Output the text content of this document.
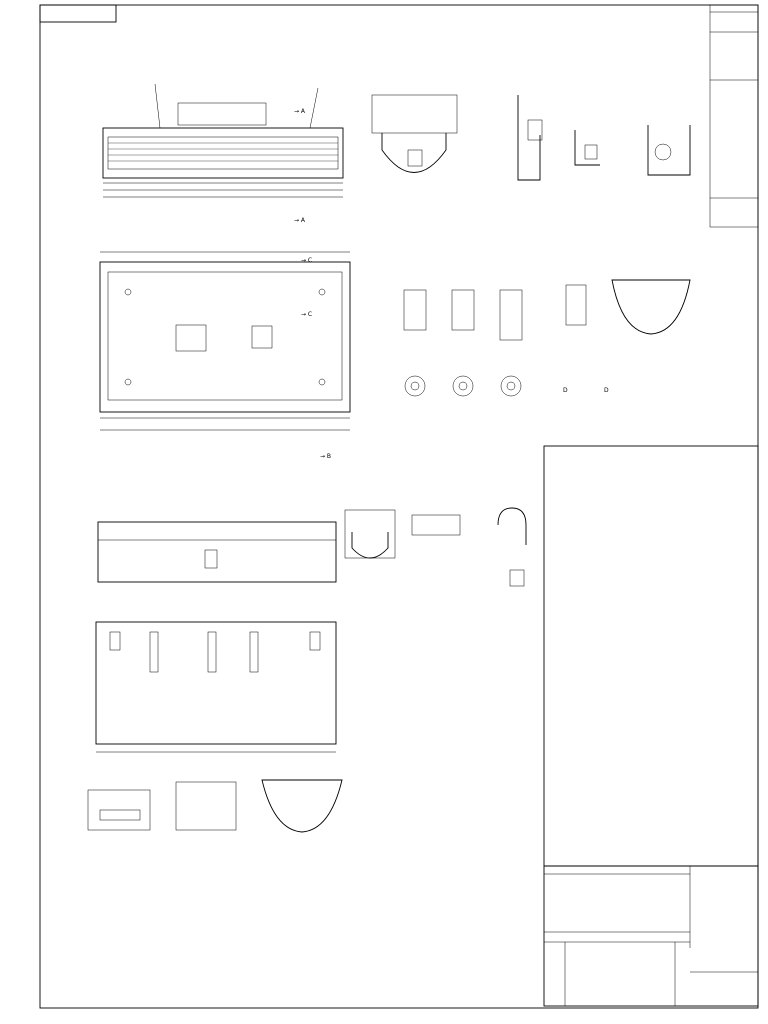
→ A
→ A
→ C
→ C
→ B
D	D
